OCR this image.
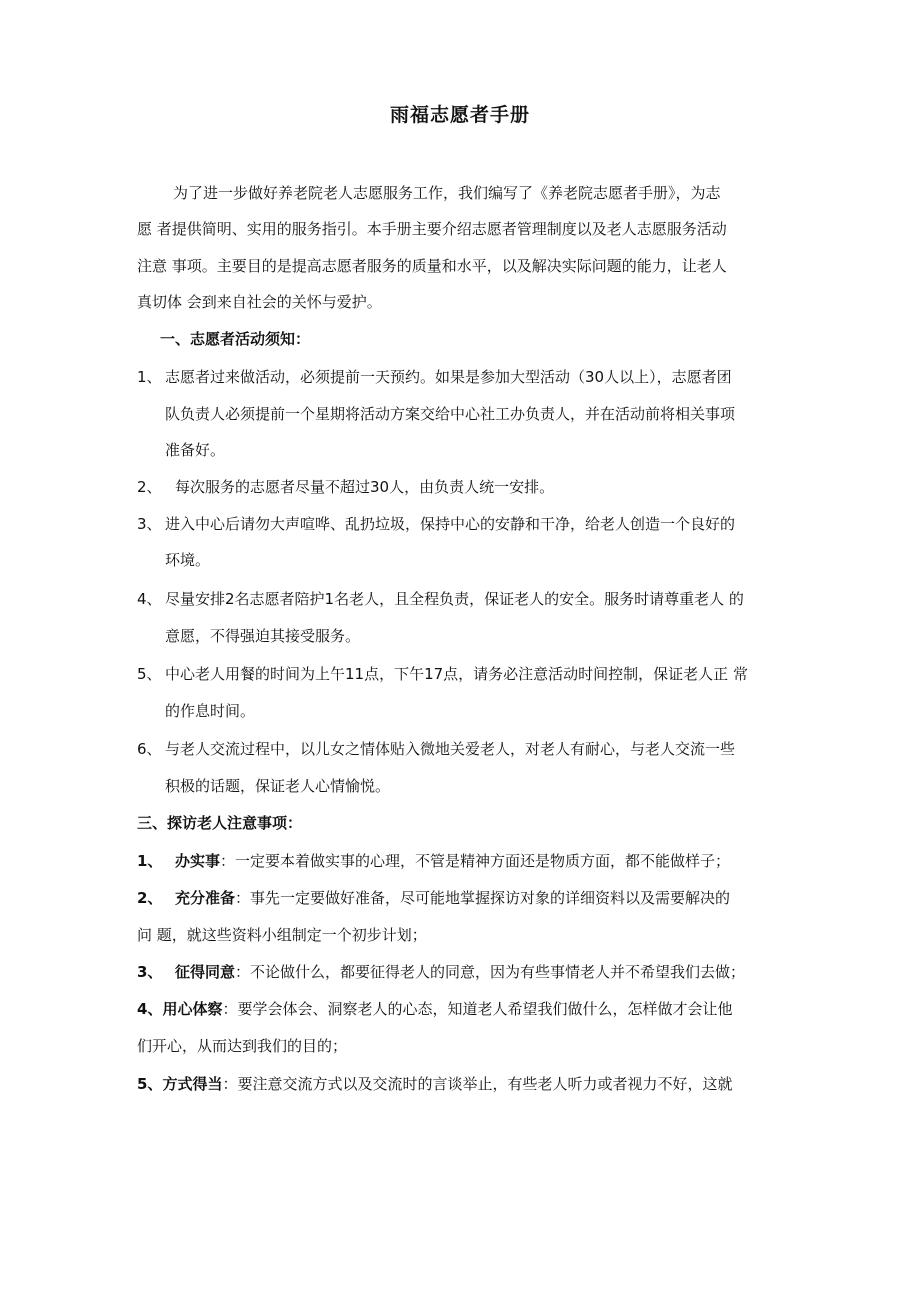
雨福志愿者手册

为了进一步做好养老院老人志愿服务工作，我们编写了《养老院志愿者手册》，为志

愿 者提供简明、实用的服务指引。本手册主要介绍志愿者管理制度以及老人志愿服务活动

注意 事项。主要目的是提高志愿者服务的质量和水平，以及解决实际问题的能力，让老人

真切体 会到来自社会的关怀与爱护。

一、志愿者活动须知：

1、 志愿者过来做活动，必须提前一天预约。如果是参加大型活动（30人以上），志愿者团

队负责人必须提前一个星期将活动方案交给中心社工办负责人，并在活动前将相关事项

准备好。

2、 每次服务的志愿者尽量不超过30人，由负责人统一安排。

3、 进入中心后请勿大声喧哗、乱扔垃圾，保持中心的安静和干净，给老人创造一个良好的

环境。

4、 尽量安排2名志愿者陪护1名老人，且全程负责，保证老人的安全。服务时请尊重老人 的

意愿，不得强迫其接受服务。

5、 中心老人用餐的时间为上午11点，下午17点，请务必注意活动时间控制，保证老人正 常

的作息时间。

6、 与老人交流过程中，以儿女之情体贴入微地关爱老人，对老人有耐心，与老人交流一些

积极的话题，保证老人心情愉悦。

三、探访老人注意事项：

1、 办实事：一定要本着做实事的心理，不管是精神方面还是物质方面，都不能做样子；

2、 充分准备：事先一定要做好准备，尽可能地掌握探访对象的详细资料以及需要解决的

问 题，就这些资料小组制定一个初步计划；

3、 征得同意：不论做什么，都要征得老人的同意，因为有些事情老人并不希望我们去做；

4、用心体察：要学会体会、洞察老人的心态，知道老人希望我们做什么，怎样做才会让他

们开心，从而达到我们的目的；

5、方式得当：要注意交流方式以及交流时的言谈举止，有些老人听力或者视力不好，这就
